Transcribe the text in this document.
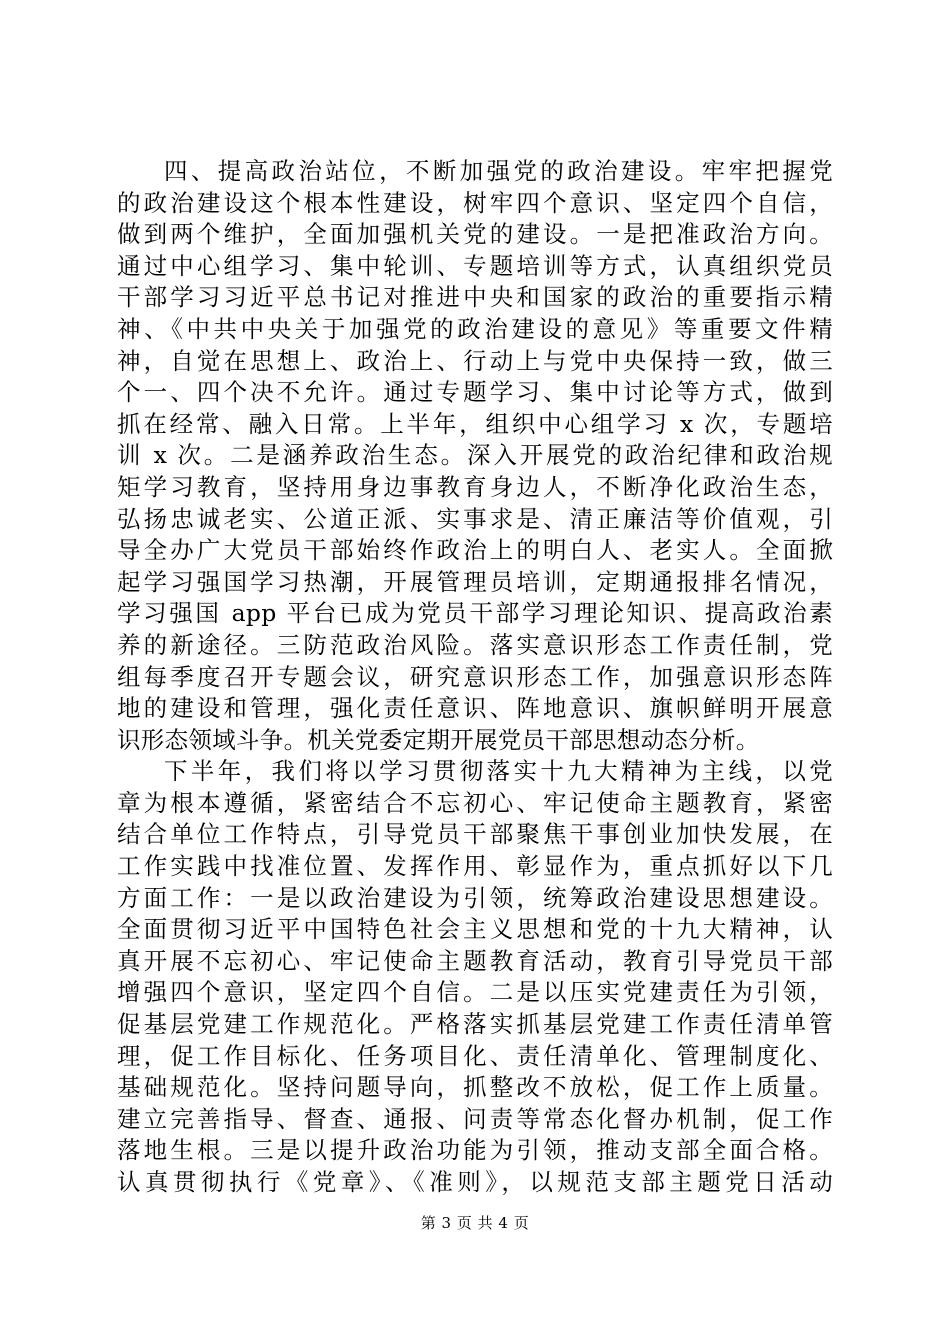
四、提高政治站位，不断加强党的政治建设。牢牢把握党
的政治建设这个根本性建设，树牢四个意识、坚定四个自信，
做到两个维护，全面加强机关党的建设。一是把准政治方向。
通过中心组学习、集中轮训、专题培训等方式，认真组织党员
干部学习习近平总书记对推进中央和国家的政治的重要指示精
神、《中共中央关于加强党的政治建设的意见》等重要文件精
神，自觉在思想上、政治上、行动上与党中央保持一致，做三
个一、四个决不允许。通过专题学习、集中讨论等方式，做到
抓在经常、融入日常。上半年，组织中心组学习 x 次，专题培
训 x 次。二是涵养政治生态。深入开展党的政治纪律和政治规
矩学习教育，坚持用身边事教育身边人，不断净化政治生态，
弘扬忠诚老实、公道正派、实事求是、清正廉洁等价值观，引
导全办广大党员干部始终作政治上的明白人、老实人。全面掀
起学习强国学习热潮，开展管理员培训，定期通报排名情况，
学习强国 app 平台已成为党员干部学习理论知识、提高政治素
养的新途径。三防范政治风险。落实意识形态工作责任制，党
组每季度召开专题会议，研究意识形态工作，加强意识形态阵
地的建设和管理，强化责任意识、阵地意识、旗帜鲜明开展意
识形态领域斗争。机关党委定期开展党员干部思想动态分析。
下半年，我们将以学习贯彻落实十九大精神为主线，以党
章为根本遵循，紧密结合不忘初心、牢记使命主题教育，紧密
结合单位工作特点，引导党员干部聚焦干事创业加快发展，在
工作实践中找准位置、发挥作用、彰显作为，重点抓好以下几
方面工作：一是以政治建设为引领，统筹政治建设思想建设。
全面贯彻习近平中国特色社会主义思想和党的十九大精神，认
真开展不忘初心、牢记使命主题教育活动，教育引导党员干部
增强四个意识，坚定四个自信。二是以压实党建责任为引领，
促基层党建工作规范化。严格落实抓基层党建工作责任清单管
理，促工作目标化、任务项目化、责任清单化、管理制度化、
基础规范化。坚持问题导向，抓整改不放松，促工作上质量。
建立完善指导、督查、通报、问责等常态化督办机制，促工作
落地生根。三是以提升政治功能为引领，推动支部全面合格。
认真贯彻执行《党章》、《准则》，以规范支部主题党日活动
第 3 页 共 4 页
